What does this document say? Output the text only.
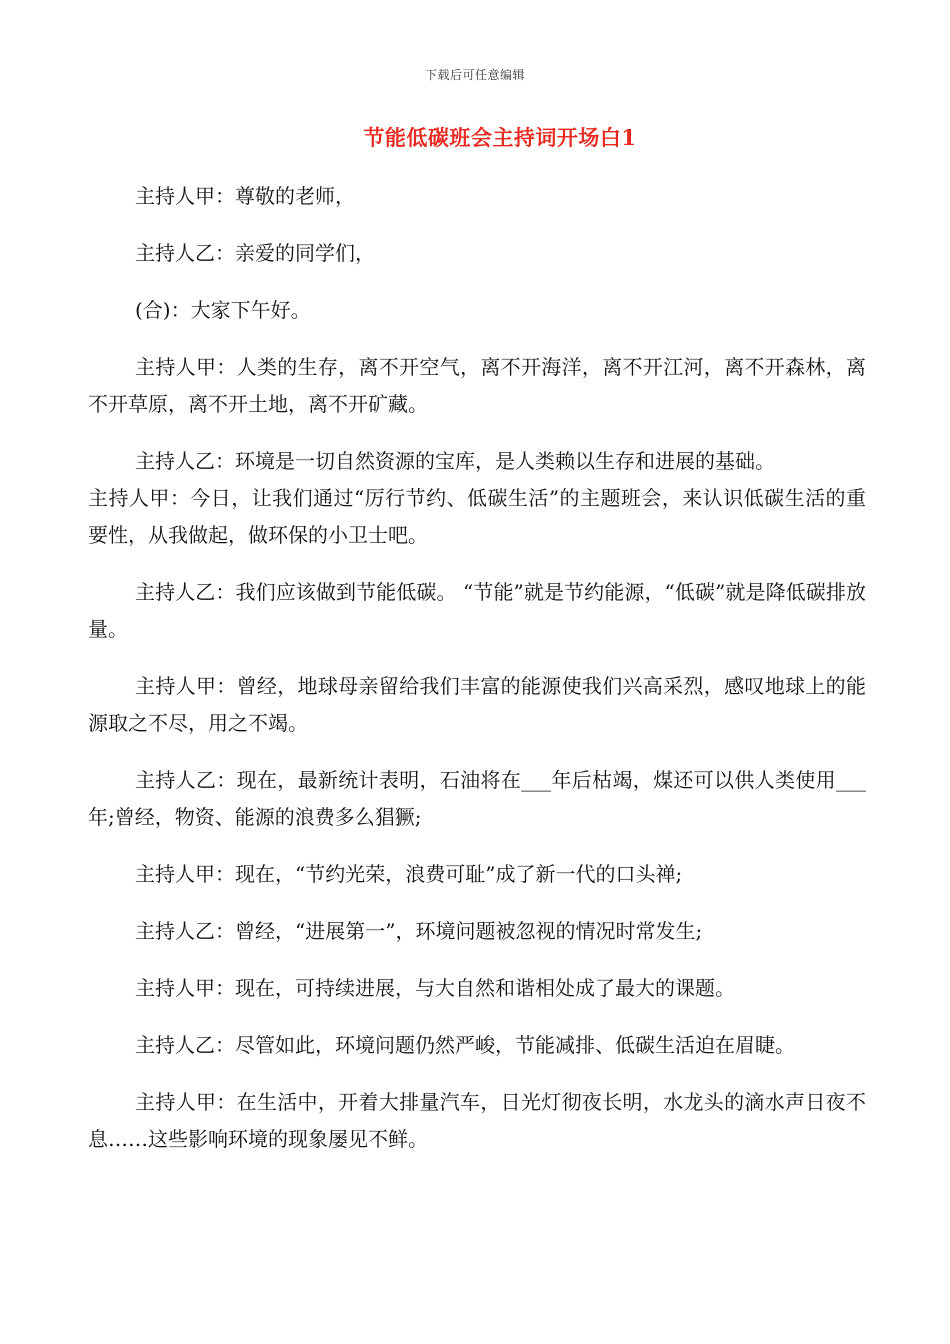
下载后可任意编辑
节能低碳班会主持词开场白1

主持人甲：尊敬的老师，

主持人乙：亲爱的同学们，

(合)：大家下午好。

主持人甲：人类的生存，离不开空气，离不开海洋，离不开江河，离不开森林，离不开草原，离不开土地，离不开矿藏。

主持人乙：环境是一切自然资源的宝库，是人类赖以生存和进展的基础。

主持人甲：今日，让我们通过“厉行节约、低碳生活”的主题班会，来认识低碳生活的重要性，从我做起，做环保的小卫士吧。

主持人乙：我们应该做到节能低碳。 “节能”就是节约能源，“低碳”就是降低碳排放量。

主持人甲：曾经，地球母亲留给我们丰富的能源使我们兴高采烈，感叹地球上的能源取之不尽，用之不竭。

主持人乙：现在，最新统计表明，石油将在___年后枯竭，煤还可以供人类使用___年;曾经，物资、能源的浪费多么猖獗;

主持人甲：现在，“节约光荣，浪费可耻”成了新一代的口头禅;

主持人乙：曾经，“进展第一”，环境问题被忽视的情况时常发生;

主持人甲：现在，可持续进展，与大自然和谐相处成了最大的课题。

主持人乙：尽管如此，环境问题仍然严峻，节能减排、低碳生活迫在眉睫。

主持人甲：在生活中，开着大排量汽车，日光灯彻夜长明，水龙头的滴水声日夜不息……这些影响环境的现象屡见不鲜。
